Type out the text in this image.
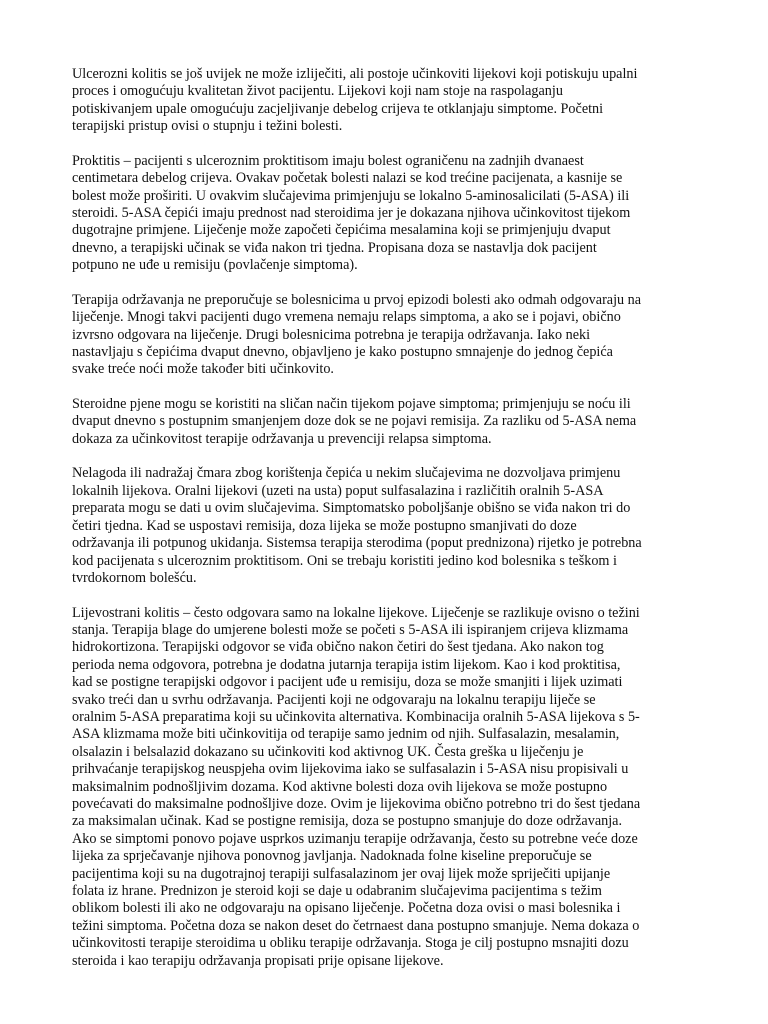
Ulcerozni kolitis se još uvijek ne može izliječiti, ali postoje učinkoviti lijekovi koji potiskuju upalni
proces i omogućuju kvalitetan život pacijentu. Lijekovi koji nam stoje na raspolaganju
potiskivanjem upale omogućuju zacjeljivanje debelog crijeva te otklanjaju simptome. Početni
terapijski pristup ovisi o stupnju i težini bolesti.

Proktitis – pacijenti s ulceroznim proktitisom imaju bolest ograničenu na zadnjih dvanaest
centimetara debelog crijeva. Ovakav početak bolesti nalazi se kod trećine pacijenata, a kasnije se
bolest može proširiti. U ovakvim slučajevima primjenjuju se lokalno 5-aminosalicilati (5-ASA) ili
steroidi. 5-ASA čepići imaju prednost nad steroidima jer je dokazana njihova učinkovitost tijekom
dugotrajne primjene. Liječenje može započeti čepićima mesalamina koji se primjenjuju dvaput
dnevno, a terapijski učinak se viđa nakon tri tjedna. Propisana doza se nastavlja dok pacijent
potpuno ne uđe u remisiju (povlačenje simptoma).

Terapija održavanja ne preporučuje se bolesnicima u prvoj epizodi bolesti ako odmah odgovaraju na
liječenje. Mnogi takvi pacijenti dugo vremena nemaju relaps simptoma, a ako se i pojavi, obično
izvrsno odgovara na liječenje. Drugi bolesnicima potrebna je terapija održavanja. Iako neki
nastavljaju s čepićima dvaput dnevno, objavljeno je kako postupno smnajenje do jednog čepića
svake treće noći može također biti učinkovito.

Steroidne pjene mogu se koristiti na sličan način tijekom pojave simptoma; primjenjuju se noću ili
dvaput dnevno s postupnim smanjenjem doze dok se ne pojavi remisija. Za razliku od 5-ASA nema
dokaza za učinkovitost terapije održavanja u prevenciji relapsa simptoma.

Nelagoda ili nadražaj čmara zbog korištenja čepića u nekim slučajevima ne dozvoljava primjenu
lokalnih lijekova. Oralni lijekovi (uzeti na usta) poput sulfasalazina i različitih oralnih 5-ASA
preparata mogu se dati u ovim slučajevima. Simptomatsko poboljšanje obišno se viđa nakon tri do
četiri tjedna. Kad se uspostavi remisija, doza lijeka se može postupno smanjivati do doze
održavanja ili potpunog ukidanja. Sistemsa terapija sterodima (poput prednizona) rijetko je potrebna
kod pacijenata s ulceroznim proktitisom. Oni se trebaju koristiti jedino kod bolesnika s teškom i
tvrdokornom bolešću.

Lijevostrani kolitis – često odgovara samo na lokalne lijekove. Liječenje se razlikuje ovisno o težini
stanja. Terapija blage do umjerene bolesti može se početi s 5-ASA ili ispiranjem crijeva klizmama
hidrokortizona. Terapijski odgovor se viđa obično nakon četiri do šest tjedana. Ako nakon tog
perioda nema odgovora, potrebna je dodatna jutarnja terapija istim lijekom. Kao i kod proktitisa,
kad se postigne terapijski odgovor i pacijent uđe u remisiju, doza se može smanjiti i lijek uzimati
svako treći dan u svrhu održavanja. Pacijenti koji ne odgovaraju na lokalnu terapiju liječe se
oralnim 5-ASA preparatima koji su učinkovita alternativa. Kombinacija oralnih 5-ASA lijekova s 5-
ASA klizmama može biti učinkovitija od terapije samo jednim od njih. Sulfasalazin, mesalamin,
olsalazin i belsalazid dokazano su učinkoviti kod aktivnog UK. Česta greška u liječenju je
prihvaćanje terapijskog neuspjeha ovim lijekovima iako se sulfasalazin i 5-ASA nisu propisivali u
maksimalnim podnošljivim dozama. Kod aktivne bolesti doza ovih lijekova se može postupno
povećavati do maksimalne podnošljive doze. Ovim je lijekovima obično potrebno tri do šest tjedana
za maksimalan učinak. Kad se postigne remisija, doza se postupno smanjuje do doze održavanja.
Ako se simptomi ponovo pojave usprkos uzimanju terapije održavanja, često su potrebne veće doze
lijeka za sprječavanje njihova ponovnog javljanja. Nadoknada folne kiseline preporučuje se
pacijentima koji su na dugotrajnoj terapiji sulfasalazinom jer ovaj lijek može spriječiti upijanje
folata iz hrane. Prednizon je steroid koji se daje u odabranim slučajevima pacijentima s težim
oblikom bolesti ili ako ne odgovaraju na opisano liječenje. Početna doza ovisi o masi bolesnika i
težini simptoma. Početna doza se nakon deset do četrnaest dana postupno smanjuje. Nema dokaza o
učinkovitosti terapije steroidima u obliku terapije održavanja. Stoga je cilj postupno msnajiti dozu
steroida i kao terapiju održavanja propisati prije opisane lijekove.
